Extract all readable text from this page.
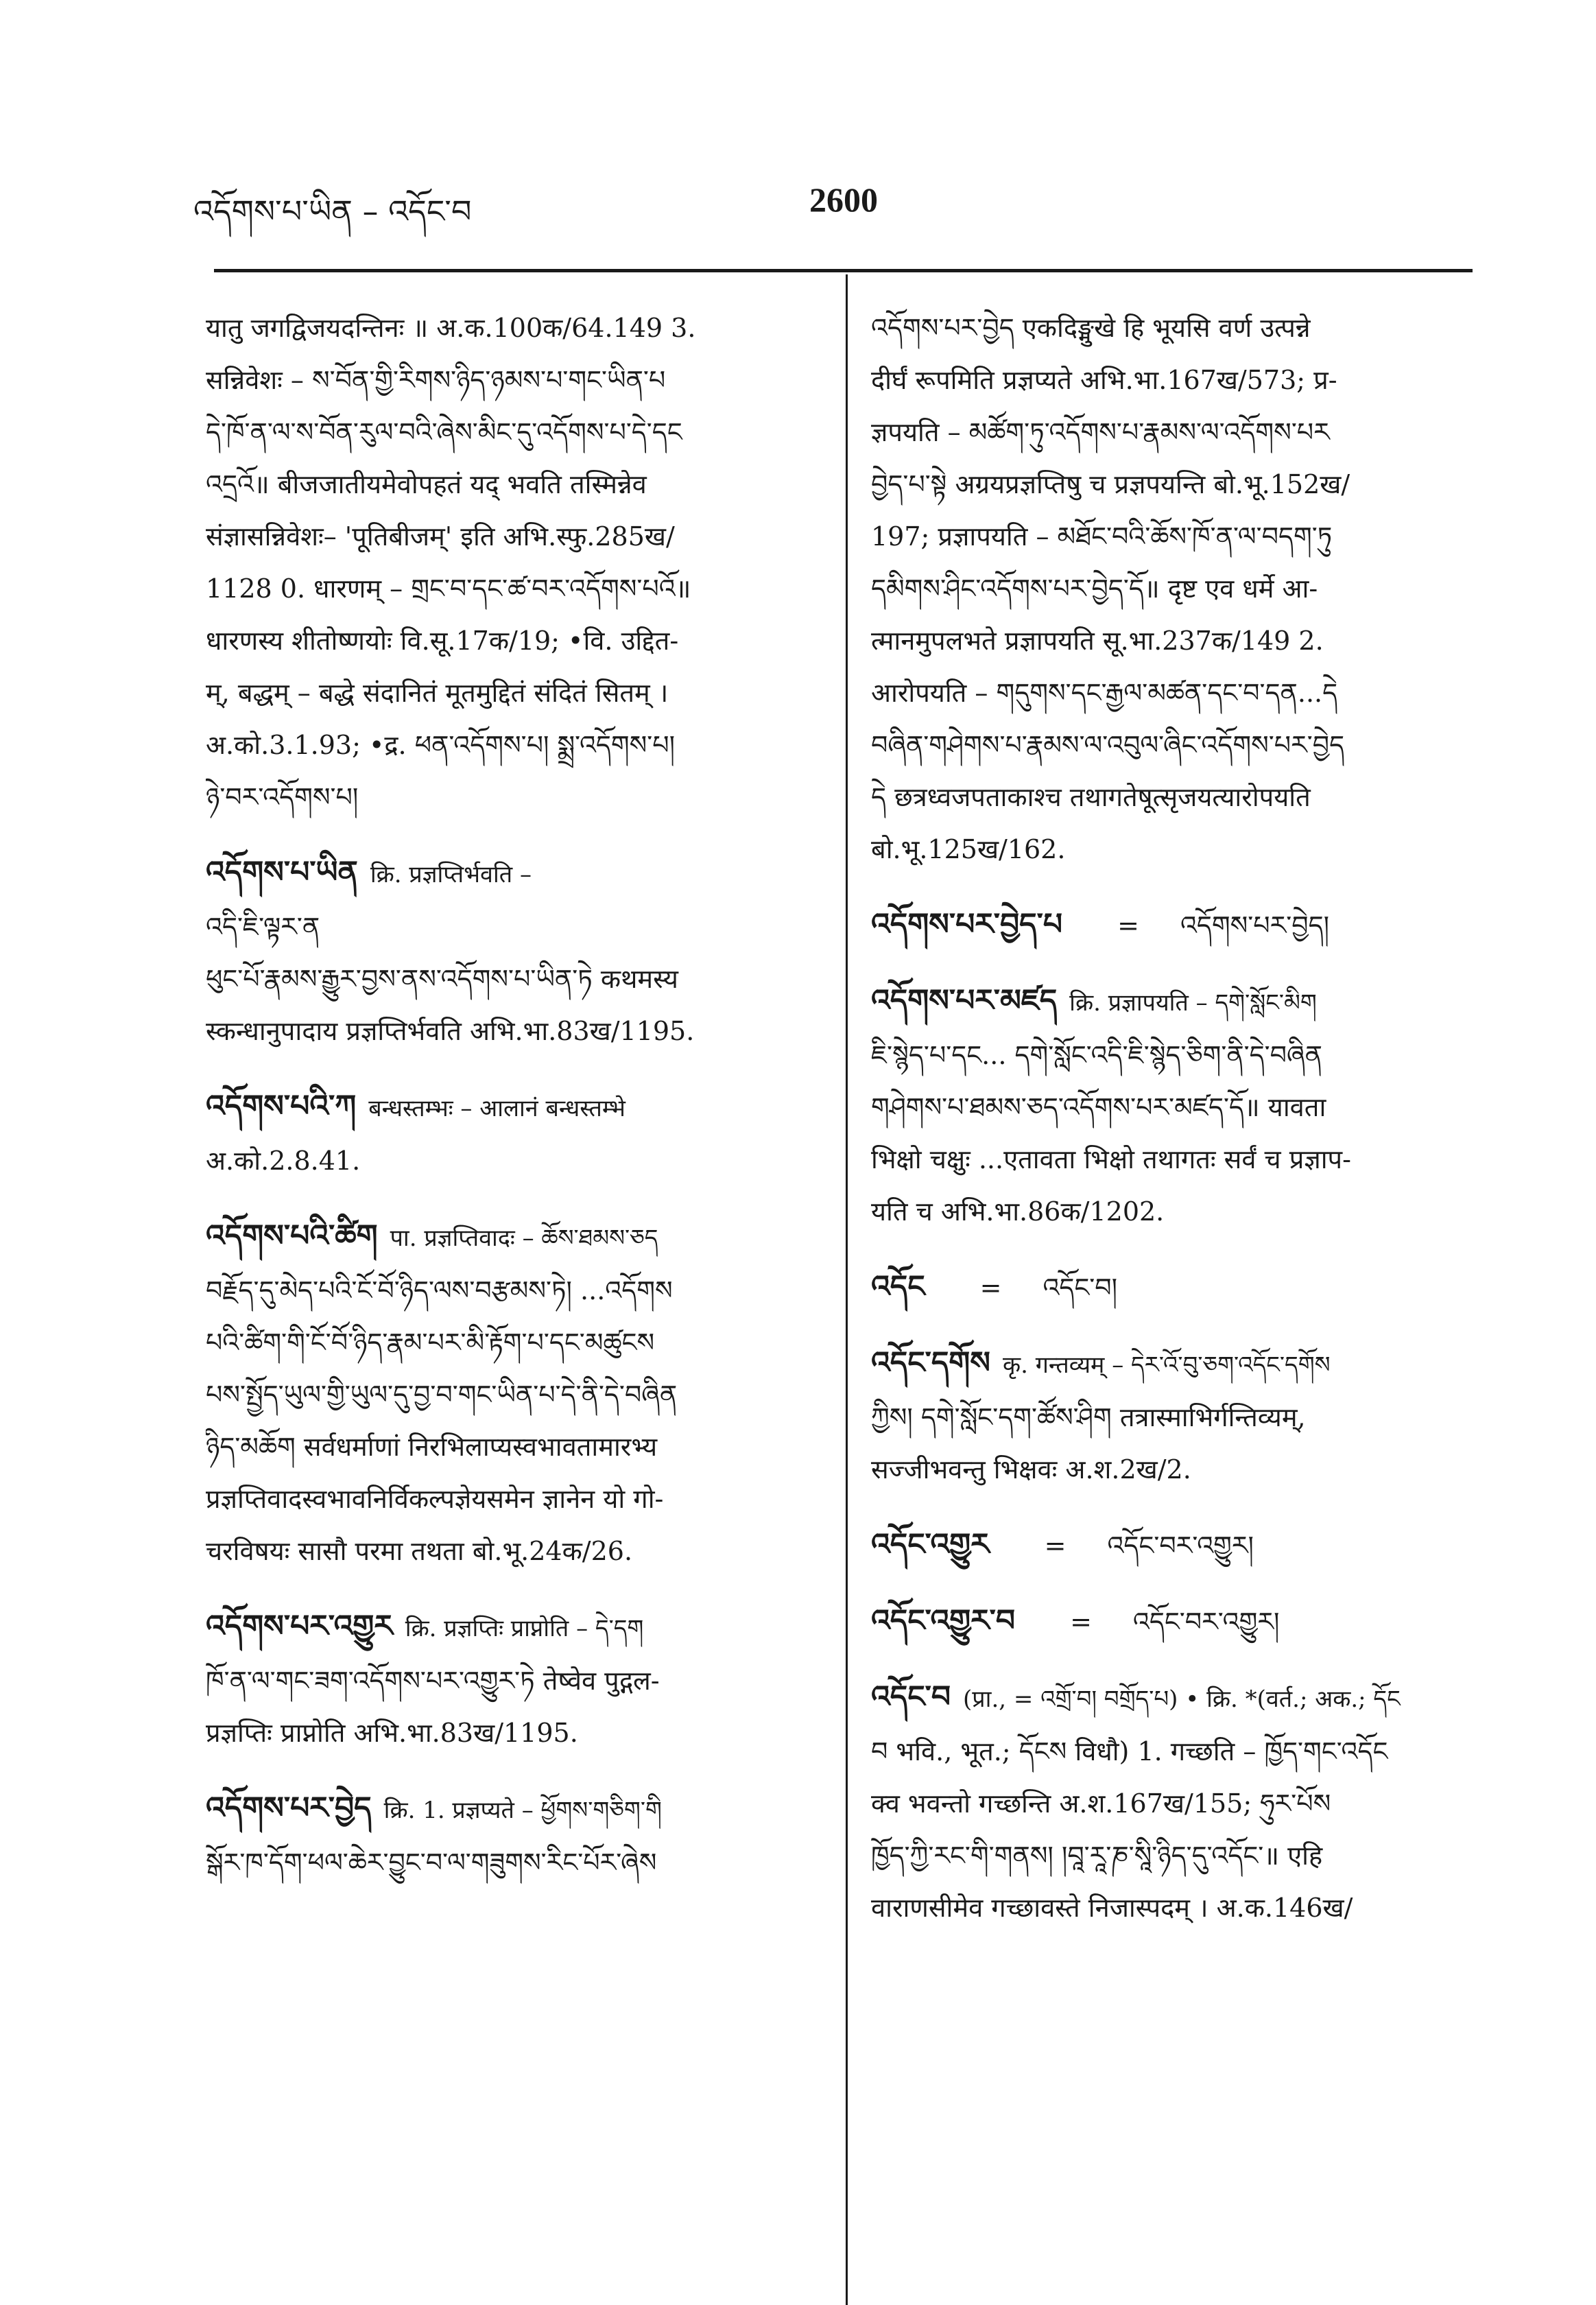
འདོགས་པ་ཡིན – འདོང་བ	2600
यातु जगद्विजयदन्तिनः ॥ अ.क.100क/64.149 3.
सन्निवेशः – ས་བོན་གྱི་རིགས་ཉིད་ཉམས་པ་གང་ཡིན་པ
དེ་ཁོ་ན་ལ་ས་བོན་རུལ་བའི་ཞེས་མིང་དུ་འདོགས་པ་དེ་དང
འདྲའོ॥ बीजजातीयमेवोपहतं यद् भवति तस्मिन्नेव
संज्ञासन्निवेशः– 'पूतिबीजम्' इति अभि.स्फु.285ख/
1128 0. धारणम् – གྲང་བ་དང་ཚ་བར་འདོགས་པའོ॥
धारणस्य शीतोष्णयोः वि.सू.17क/19; •वि. उद्दित-
म्, बद्धम् – बद्धे संदानितं मूतमुद्दितं संदितं सितम् ।
अ.को.3.1.93; •द्र. ཕན་འདོགས་པ། སྨྲ་འདོགས་པ།
ཉེ་བར་འདོགས་པ།
འདོགས་པ་ཡིན क्रि. प्रज्ञप्तिर्भवति –
འདི་ཇི་ལྟར་ན
ཕུང་པོ་རྣམས་རྒྱུར་བྱས་ནས་འདོགས་པ་ཡིན་ཏེ कथमस्य
स्कन्धानुपादाय प्रज्ञप्तिर्भवति अभि.भा.83ख/1195.
འདོགས་པའི་ཀ बन्धस्तम्भः – आलानं बन्धस्तम्भे
अ.को.2.8.41.
འདོགས་པའི་ཚིག पा. प्रज्ञप्तिवादः – ཆོས་ཐམས་ཅད
བརྗོད་དུ་མེད་པའི་ངོ་བོ་ཉིད་ལས་བརྩམས་ཏེ། ...འདོགས
པའི་ཚིག་གི་ངོ་བོ་ཉིད་རྣམ་པར་མི་རྟོག་པ་དང་མཚུངས
པས་སྤྱོད་ཡུལ་གྱི་ཡུལ་དུ་བྱ་བ་གང་ཡིན་པ་དེ་ནི་དེ་བཞིན
ཉིད་མཆོག सर्वधर्माणां निरभिलाप्यस्वभावतामारभ्य
प्रज्ञप्तिवादस्वभावनिर्विकल्पज्ञेयसमेन ज्ञानेन यो गो-
चरविषयः सासौ परमा तथता बो.भू.24क/26.
འདོགས་པར་འགྱུར क्रि. प्रज्ञप्तिः प्राप्नोति – དེ་དག
ཁོ་ན་ལ་གང་ཟག་འདོགས་པར་འགྱུར་ཏེ तेष्वेव पुद्गल-
प्रज्ञप्तिः प्राप्नोति अभि.भा.83ख/1195.
འདོགས་པར་བྱེད क्रि. 1. प्रज्ञप्यते – ཕྱོགས་གཅིག་གི
སྒོར་ཁ་དོག་ཕལ་ཆེར་བྱུང་བ་ལ་གཟུགས་རིང་པོར་ཞེས
འདོགས་པར་བྱེད एकदिङ्मुखे हि भूयसि वर्ण उत्पन्ने
दीर्घं रूपमिति प्रज्ञप्यते अभि.भा.167ख/573; प्र-
ज्ञपयति – མཚོག་ཏུ་འདོགས་པ་རྣམས་ལ་འདོགས་པར
བྱེད་པ་སྟེ अग्रयप्रज्ञप्तिषु च प्रज्ञपयन्ति बो.भू.152ख/
197; प्रज्ञापयति – མཐོང་བའི་ཆོས་ཁོ་ན་ལ་བདག་ཏུ
དམིགས་ཤིང་འདོགས་པར་བྱེད་དོ॥ दृष्ट एव धर्मे आ-
त्मानमुपलभते प्रज्ञापयति सू.भा.237क/149 2.
आरोपयति – གདུགས་དང་རྒྱལ་མཚན་དང་བ་དན...དེ
བཞིན་གཤེགས་པ་རྣམས་ལ་འབུལ་ཞིང་འདོགས་པར་བྱེད
དེ छत्रध्वजपताकाश्च तथागतेषूत्सृजयत्यारोपयति
बो.भू.125ख/162.
འདོགས་པར་བྱེད་པ = འདོགས་པར་བྱེད།
འདོགས་པར་མཛད क्रि. प्रज्ञापयति – དགེ་སློང་མིག
ཇི་སྙེད་པ་དང... དགེ་སློང་འདི་ཇི་སྙེད་ཅིག་ནི་དེ་བཞིན
གཤེགས་པ་ཐམས་ཅད་འདོགས་པར་མཛད་དོ॥ यावता
भिक्षो चक्षुः ...एतावता भिक्षो तथागतः सर्वं च प्रज्ञाप-
यति च अभि.भा.86क/1202.
འདོང = འདོང་བ།
འདོང་དགོས कृ. गन्तव्यम् – དེར་འོ་བུ་ཅག་འདོང་དགོས
ཀྱིས། དགེ་སློང་དག་ཚོས་ཤིག तत्रास्माभिर्गन्तिव्यम्,
सज्जीभवन्तु भिक्षवः अ.श.2ख/2.
འདོང་འགྱུར = འདོང་བར་འགྱུར།
འདོང་འགྱུར་བ = འདོང་བར་འགྱུར།
འདོང་བ (प्रा., = འགྲོ་བ། བགྲོད་པ) • क्रि. *(वर्त.; अक.; དོང
བ भवि., भूत.; དོངས विधौ) 1. गच्छति – ཁྱོད་གང་འདོང
क्व भवन्तो गच्छन्ति अ.श.167ख/155; ཧུར་པོས
ཁྱོད་ཀྱི་རང་གི་གནས། །བཱ་རཱ་ཎ་སཱི་ཉིད་དུ་འདོང་॥ एहि
वाराणसीमेव गच्छावस्ते निजास्पदम् । अ.क.146ख/
